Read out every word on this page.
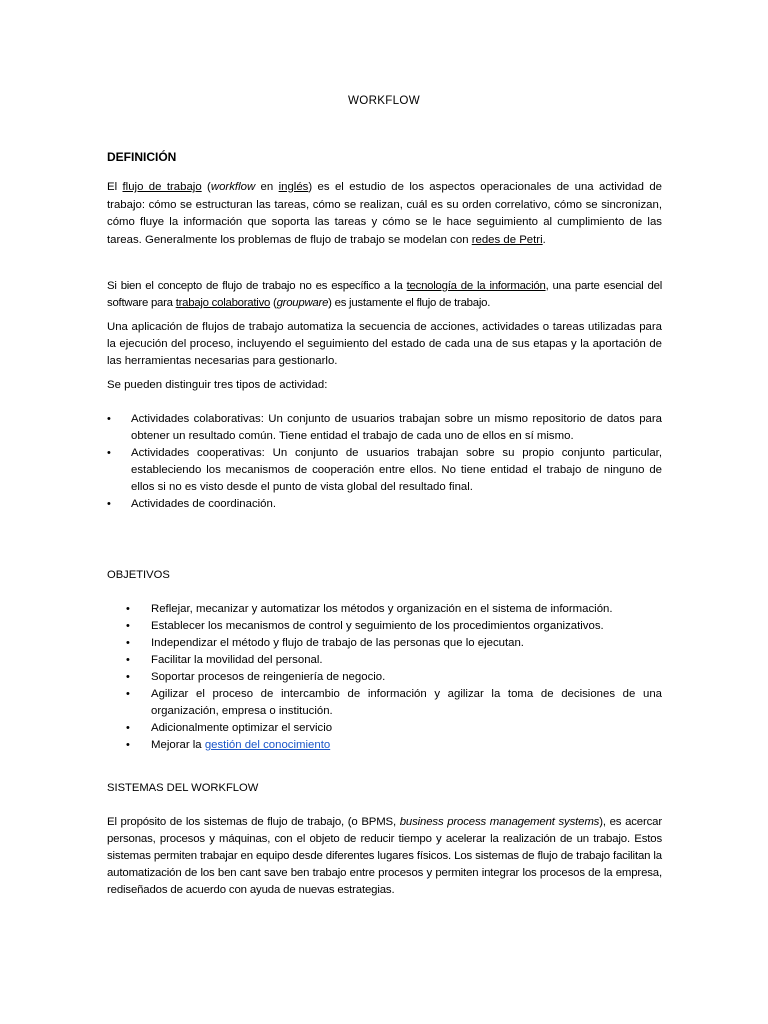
WORKFLOW
DEFINICIÓN

El flujo de trabajo (workflow en inglés) es el estudio de los aspectos operacionales de una actividad de trabajo: cómo se estructuran las tareas, cómo se realizan, cuál es su orden correlativo, cómo se sincronizan, cómo fluye la información que soporta las tareas y cómo se le hace seguimiento al cumplimiento de las tareas. Generalmente los problemas de flujo de trabajo se modelan con redes de Petri.

Si bien el concepto de flujo de trabajo no es específico a la tecnología de la información, una parte esencial del software para trabajo colaborativo (groupware) es justamente el flujo de trabajo.

Una aplicación de flujos de trabajo automatiza la secuencia de acciones, actividades o tareas utilizadas para la ejecución del proceso, incluyendo el seguimiento del estado de cada una de sus etapas y la aportación de las herramientas necesarias para gestionarlo.

Se pueden distinguir tres tipos de actividad:

• Actividades colaborativas: Un conjunto de usuarios trabajan sobre un mismo repositorio de datos para obtener un resultado común. Tiene entidad el trabajo de cada uno de ellos en sí mismo.
• Actividades cooperativas: Un conjunto de usuarios trabajan sobre su propio conjunto particular, estableciendo los mecanismos de cooperación entre ellos. No tiene entidad el trabajo de ninguno de ellos si no es visto desde el punto de vista global del resultado final.
• Actividades de coordinación.

OBJETIVOS

• Reflejar, mecanizar y automatizar los métodos y organización en el sistema de información.
• Establecer los mecanismos de control y seguimiento de los procedimientos organizativos.
• Independizar el método y flujo de trabajo de las personas que lo ejecutan.
• Facilitar la movilidad del personal.
• Soportar procesos de reingeniería de negocio.
• Agilizar el proceso de intercambio de información y agilizar la toma de decisiones de una organización, empresa o institución.
• Adicionalmente optimizar el servicio
• Mejorar la gestión del conocimiento

SISTEMAS DEL WORKFLOW

El propósito de los sistemas de flujo de trabajo, (o BPMS, business process management systems), es acercar personas, procesos y máquinas, con el objeto de reducir tiempo y acelerar la realización de un trabajo. Estos sistemas permiten trabajar en equipo desde diferentes lugares físicos. Los sistemas de flujo de trabajo facilitan la automatización de los ben cant save ben trabajo entre procesos y permiten integrar los procesos de la empresa, rediseñados de acuerdo con ayuda de nuevas estrategias.
